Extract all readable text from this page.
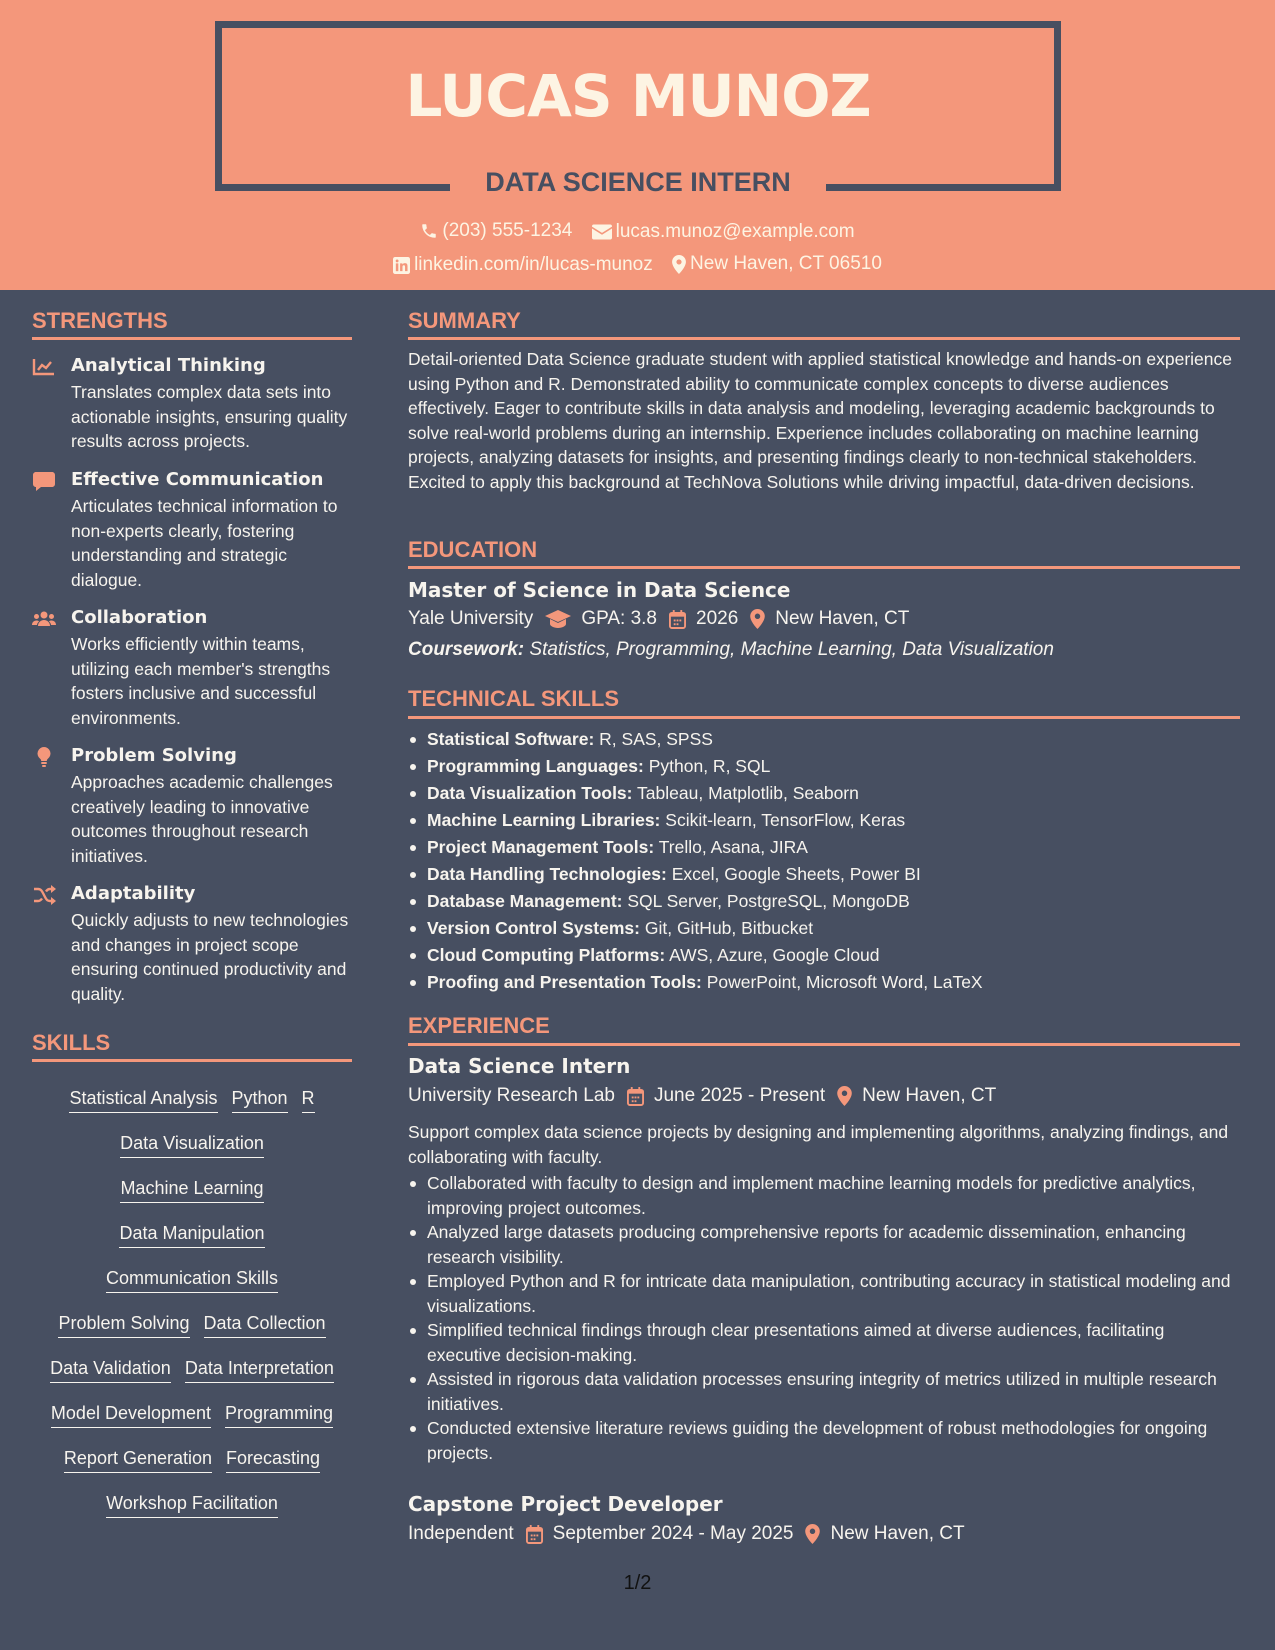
LUCAS MUNOZ
DATA SCIENCE INTERN
(203) 555-1234
lucas.munoz@example.com
linkedin.com/in/lucas-munoz
New Haven, CT 06510
STRENGTHS
Analytical Thinking
Translates complex data sets into actionable insights, ensuring quality results across projects.
Effective Communication
Articulates technical information to non-experts clearly, fostering understanding and strategic dialogue.
Collaboration
Works efficiently within teams, utilizing each member's strengths fosters inclusive and successful environments.
Problem Solving
Approaches academic challenges creatively leading to innovative outcomes throughout research initiatives.
Adaptability
Quickly adjusts to new technologies and changes in project scope ensuring continued productivity and quality.
SKILLS
Statistical Analysis Python R
Data Visualization
Machine Learning
Data Manipulation
Communication Skills
Problem Solving Data Collection
Data Validation Data Interpretation
Model Development Programming
Report Generation Forecasting
Workshop Facilitation
SUMMARY
Detail-oriented Data Science graduate student with applied statistical knowledge and hands-on experience using Python and R. Demonstrated ability to communicate complex concepts to diverse audiences effectively. Eager to contribute skills in data analysis and modeling, leveraging academic backgrounds to solve real-world problems during an internship. Experience includes collaborating on machine learning projects, analyzing datasets for insights, and presenting findings clearly to non-technical stakeholders. Excited to apply this background at TechNova Solutions while driving impactful, data-driven decisions.
EDUCATION
Master of Science in Data Science
Yale University	GPA: 3.8 2026 New Haven, CT
Coursework: Statistics, Programming, Machine Learning, Data Visualization
TECHNICAL SKILLS
Statistical Software: R, SAS, SPSS
Programming Languages: Python, R, SQL
Data Visualization Tools: Tableau, Matplotlib, Seaborn
Machine Learning Libraries: Scikit-learn, TensorFlow, Keras
Project Management Tools: Trello, Asana, JIRA
Data Handling Technologies: Excel, Google Sheets, Power BI
Database Management: SQL Server, PostgreSQL, MongoDB
Version Control Systems: Git, GitHub, Bitbucket
Cloud Computing Platforms: AWS, Azure, Google Cloud
Proofing and Presentation Tools: PowerPoint, Microsoft Word, LaTeX
EXPERIENCE
Data Science Intern
University Research Lab June 2025 - Present New Haven, CT
Support complex data science projects by designing and implementing algorithms, analyzing findings, and collaborating with faculty.
Collaborated with faculty to design and implement machine learning models for predictive analytics, improving project outcomes.
Analyzed large datasets producing comprehensive reports for academic dissemination, enhancing research visibility.
Employed Python and R for intricate data manipulation, contributing accuracy in statistical modeling and visualizations.
Simplified technical findings through clear presentations aimed at diverse audiences, facilitating executive decision-making.
Assisted in rigorous data validation processes ensuring integrity of metrics utilized in multiple research initiatives.
Conducted extensive literature reviews guiding the development of robust methodologies for ongoing projects.
Capstone Project Developer
Independent September 2024 - May 2025 New Haven, CT
1/2
